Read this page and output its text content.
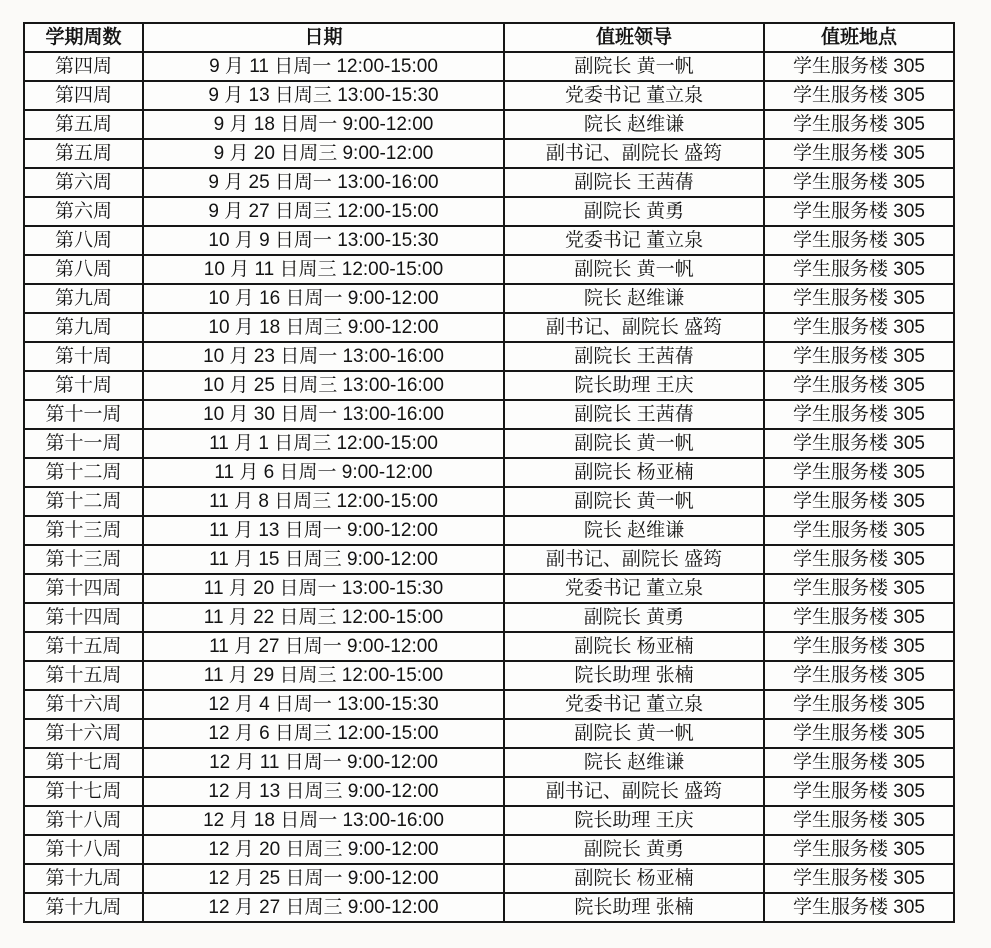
学期周数	日期	值班领导	值班地点
第四周	9 月 11 日周一 12:00-15:00	副院长 黄一帆	学生服务楼 305
第四周	9 月 13 日周三 13:00-15:30	党委书记 董立泉	学生服务楼 305
第五周	9 月 18 日周一 9:00-12:00	院长 赵维谦	学生服务楼 305
第五周	9 月 20 日周三 9:00-12:00	副书记、副院长 盛筠	学生服务楼 305
第六周	9 月 25 日周一 13:00-16:00	副院长 王茜蒨	学生服务楼 305
第六周	9 月 27 日周三 12:00-15:00	副院长 黄勇	学生服务楼 305
第八周	10 月 9 日周一 13:00-15:30	党委书记 董立泉	学生服务楼 305
第八周	10 月 11 日周三 12:00-15:00	副院长 黄一帆	学生服务楼 305
第九周	10 月 16 日周一 9:00-12:00	院长 赵维谦	学生服务楼 305
第九周	10 月 18 日周三 9:00-12:00	副书记、副院长 盛筠	学生服务楼 305
第十周	10 月 23 日周一 13:00-16:00	副院长 王茜蒨	学生服务楼 305
第十周	10 月 25 日周三 13:00-16:00	院长助理 王庆	学生服务楼 305
第十一周	10 月 30 日周一 13:00-16:00	副院长 王茜蒨	学生服务楼 305
第十一周	11 月 1 日周三 12:00-15:00	副院长 黄一帆	学生服务楼 305
第十二周	11 月 6 日周一 9:00-12:00	副院长 杨亚楠	学生服务楼 305
第十二周	11 月 8 日周三 12:00-15:00	副院长 黄一帆	学生服务楼 305
第十三周	11 月 13 日周一 9:00-12:00	院长 赵维谦	学生服务楼 305
第十三周	11 月 15 日周三 9:00-12:00	副书记、副院长 盛筠	学生服务楼 305
第十四周	11 月 20 日周一 13:00-15:30	党委书记 董立泉	学生服务楼 305
第十四周	11 月 22 日周三 12:00-15:00	副院长 黄勇	学生服务楼 305
第十五周	11 月 27 日周一 9:00-12:00	副院长 杨亚楠	学生服务楼 305
第十五周	11 月 29 日周三 12:00-15:00	院长助理 张楠	学生服务楼 305
第十六周	12 月 4 日周一 13:00-15:30	党委书记 董立泉	学生服务楼 305
第十六周	12 月 6 日周三 12:00-15:00	副院长 黄一帆	学生服务楼 305
第十七周	12 月 11 日周一 9:00-12:00	院长 赵维谦	学生服务楼 305
第十七周	12 月 13 日周三 9:00-12:00	副书记、副院长 盛筠	学生服务楼 305
第十八周	12 月 18 日周一 13:00-16:00	院长助理 王庆	学生服务楼 305
第十八周	12 月 20 日周三 9:00-12:00	副院长 黄勇	学生服务楼 305
第十九周	12 月 25 日周一 9:00-12:00	副院长 杨亚楠	学生服务楼 305
第十九周	12 月 27 日周三 9:00-12:00	院长助理 张楠	学生服务楼 305
